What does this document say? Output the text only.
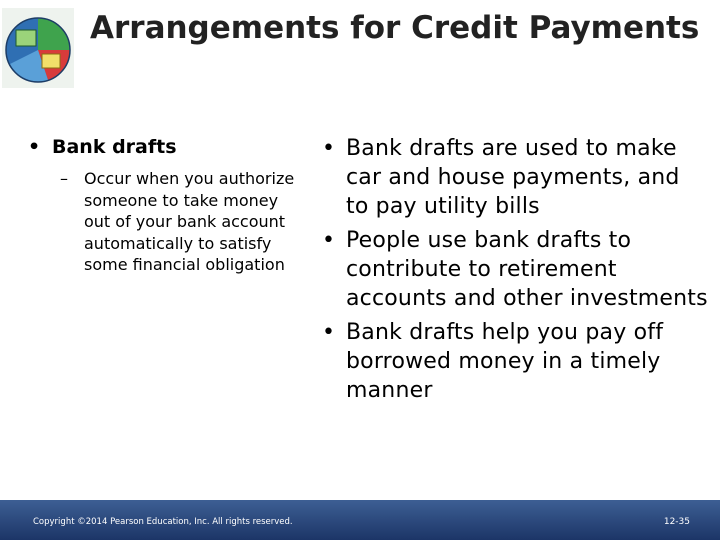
Arrangements for Credit Payments
• Bank drafts
– Occur when you authorize someone to take money out of your bank account automatically to satisfy some financial obligation
• Bank drafts are used to make car and house payments, and to pay utility bills
• People use bank drafts to contribute to retirement accounts and other investments
• Bank drafts help you pay off borrowed money in a timely manner
Copyright ©2014 Pearson Education, Inc. All rights reserved.	12-35
